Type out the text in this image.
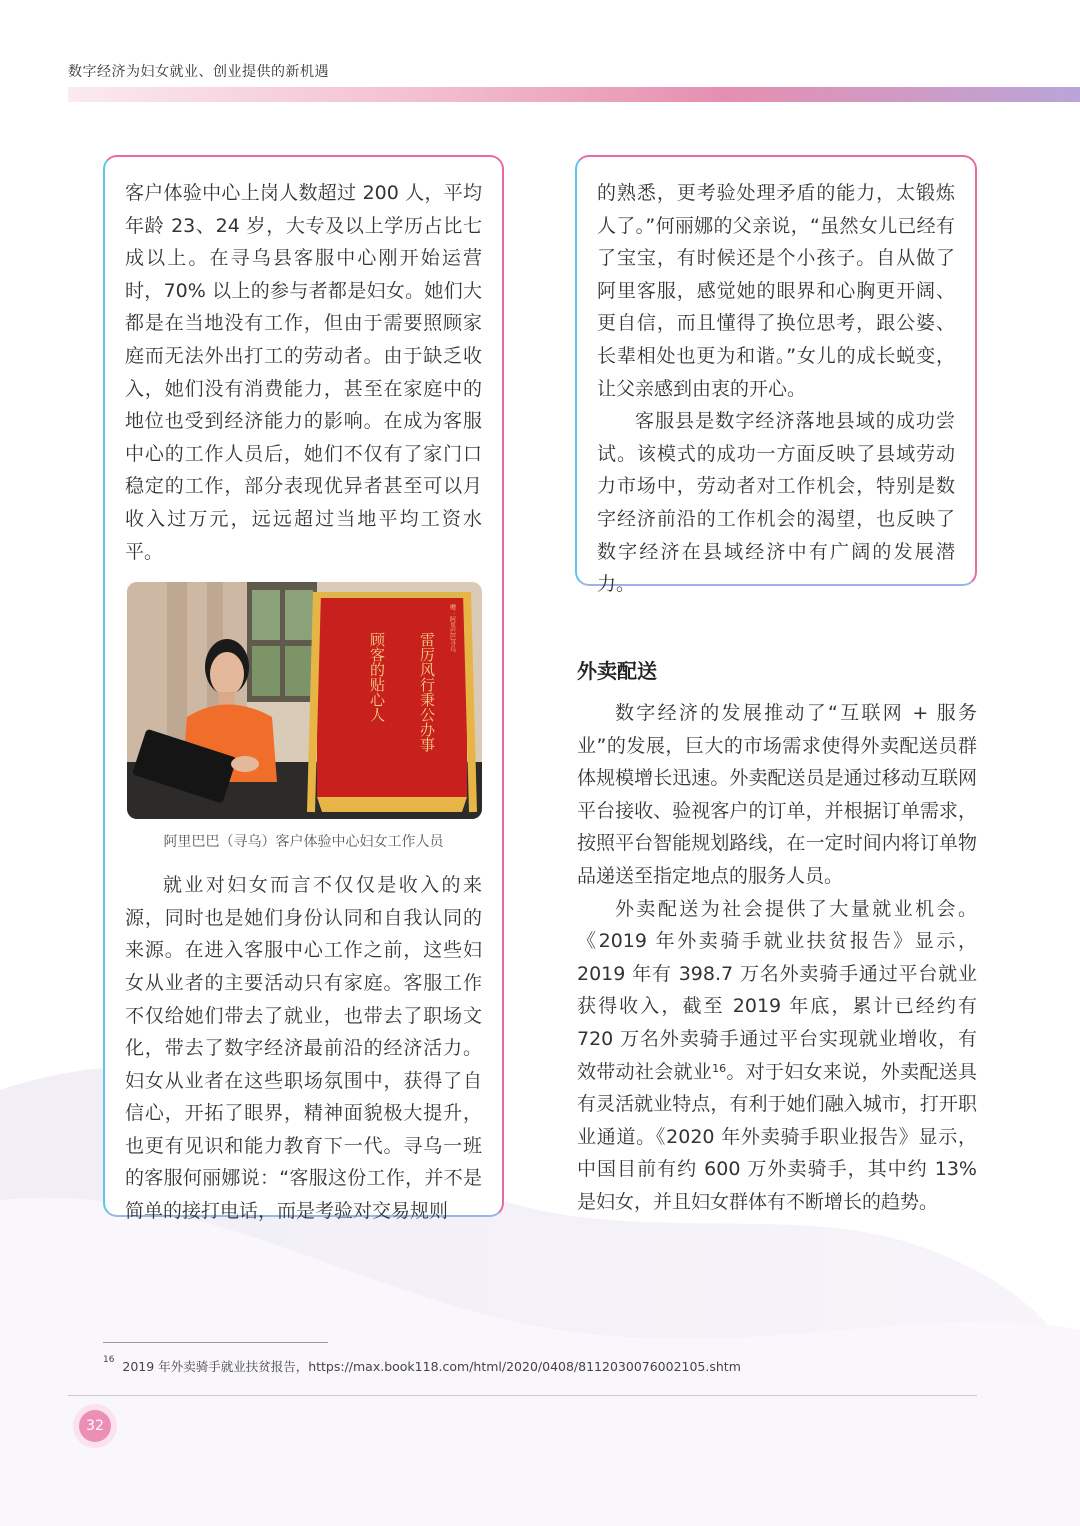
数字经济为妇女就业、创业提供的新机遇

客户体验中心上岗人数超过 200 人，平均年龄 23、24 岁，大专及以上学历占比七成以上。在寻乌县客服中心刚开始运营时，70% 以上的参与者都是妇女。她们大都是在当地没有工作，但由于需要照顾家庭而无法外出打工的劳动者。由于缺乏收入，她们没有消费能力，甚至在家庭中的地位也受到经济能力的影响。在成为客服中心的工作人员后，她们不仅有了家门口稳定的工作，部分表现优异者甚至可以月收入过万元，远远超过当地平均工资水平。

雷厉风行秉公办事
顾客的贴心人
赠：阿里巴巴寻乌
阿里巴巴（寻乌）客户体验中心妇女工作人员

就业对妇女而言不仅仅是收入的来源，同时也是她们身份认同和自我认同的来源。在进入客服中心工作之前，这些妇女从业者的主要活动只有家庭。客服工作不仅给她们带去了就业，也带去了职场文化，带去了数字经济最前沿的经济活力。妇女从业者在这些职场氛围中，获得了自信心，开拓了眼界，精神面貌极大提升，也更有见识和能力教育下一代。寻乌一班的客服何丽娜说：“客服这份工作，并不是简单的接打电话，而是考验对交易规则

的熟悉，更考验处理矛盾的能力，太锻炼人了。”何丽娜的父亲说，“虽然女儿已经有了宝宝，有时候还是个小孩子。自从做了阿里客服，感觉她的眼界和心胸更开阔、更自信，而且懂得了换位思考，跟公婆、长辈相处也更为和谐。”女儿的成长蜕变，让父亲感到由衷的开心。

客服县是数字经济落地县域的成功尝试。该模式的成功一方面反映了县域劳动力市场中，劳动者对工作机会，特别是数字经济前沿的工作机会的渴望，也反映了数字经济在县域经济中有广阔的发展潜力。

外卖配送

数字经济的发展推动了“互联网 + 服务业”的发展，巨大的市场需求使得外卖配送员群体规模增长迅速。外卖配送员是通过移动互联网平台接收、验视客户的订单，并根据订单需求，按照平台智能规划路线，在一定时间内将订单物品递送至指定地点的服务人员。

外卖配送为社会提供了大量就业机会。《2019 年外卖骑手就业扶贫报告》显示，2019 年有 398.7 万名外卖骑手通过平台就业获得收入，截至 2019 年底，累计已经约有 720 万名外卖骑手通过平台实现就业增收，有效带动社会就业$^{16}$。对于妇女来说，外卖配送具有灵活就业特点，有利于她们融入城市，打开职业通道。《2020 年外卖骑手职业报告》显示，中国目前有约 600 万外卖骑手，其中约 13% 是妇女，并且妇女群体有不断增长的趋势。

$^{16}$ 2019 年外卖骑手就业扶贫报告，https://max.book118.com/html/2020/0408/8112030076002105.shtm
32
